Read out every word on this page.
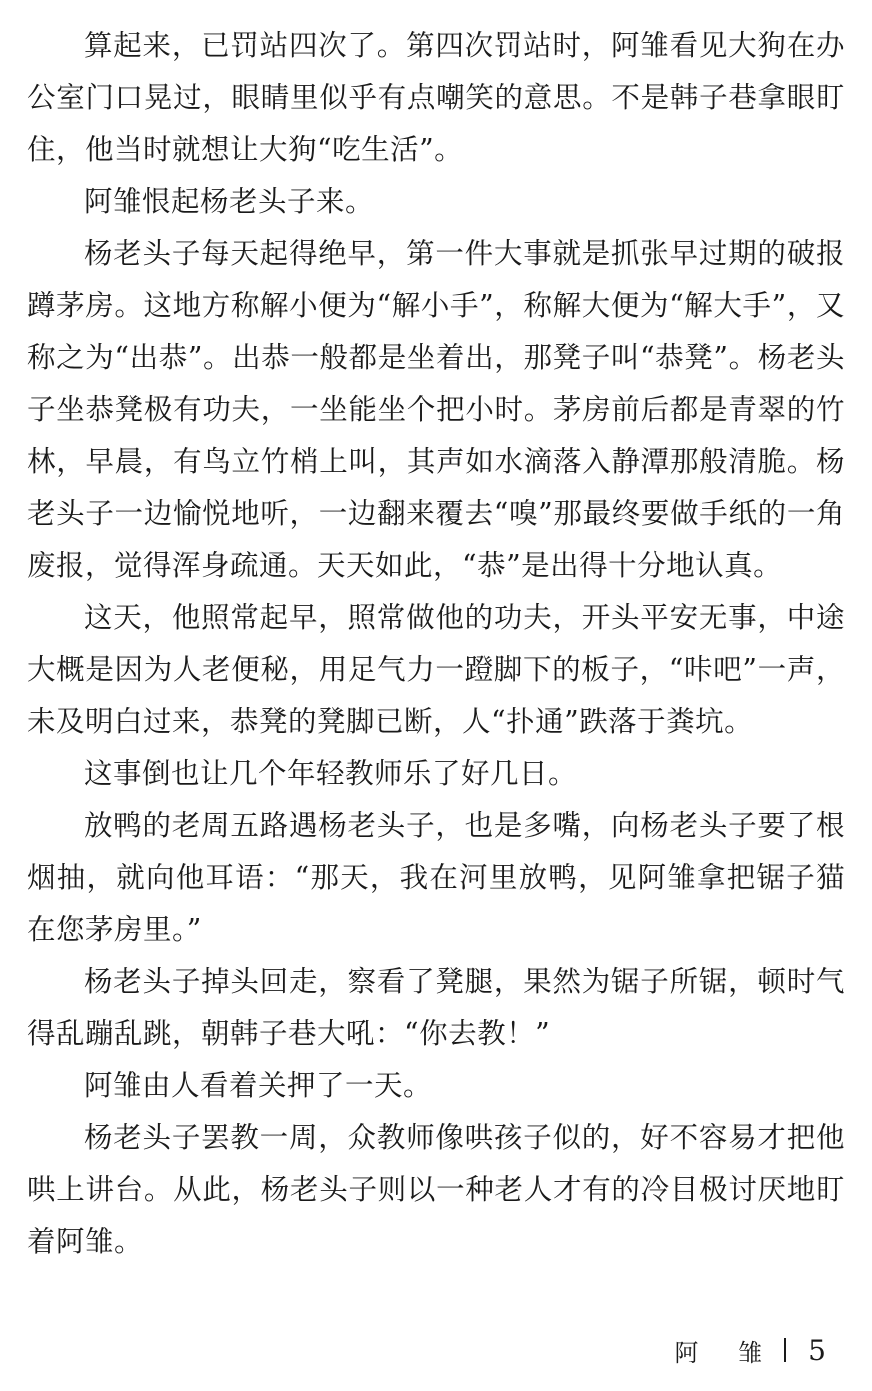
算起来，已罚站四次了。第四次罚站时，阿雏看见大狗在办公室门口晃过，眼睛里似乎有点嘲笑的意思。不是韩子巷拿眼盯住，他当时就想让大狗“吃生活”。

阿雏恨起杨老头子来。

杨老头子每天起得绝早，第一件大事就是抓张早过期的破报蹲茅房。这地方称解小便为“解小手”，称解大便为“解大手”，又称之为“出恭”。出恭一般都是坐着出，那凳子叫“恭凳”。杨老头子坐恭凳极有功夫，一坐能坐个把小时。茅房前后都是青翠的竹林，早晨，有鸟立竹梢上叫，其声如水滴落入静潭那般清脆。杨老头子一边愉悦地听，一边翻来覆去“嗅”那最终要做手纸的一角废报，觉得浑身疏通。天天如此，“恭”是出得十分地认真。

这天，他照常起早，照常做他的功夫，开头平安无事，中途大概是因为人老便秘，用足气力一蹬脚下的板子，“咔吧”一声，未及明白过来，恭凳的凳脚已断，人“扑通”跌落于粪坑。

这事倒也让几个年轻教师乐了好几日。

放鸭的老周五路遇杨老头子，也是多嘴，向杨老头子要了根烟抽，就向他耳语：“那天，我在河里放鸭，见阿雏拿把锯子猫在您茅房里。”

杨老头子掉头回走，察看了凳腿，果然为锯子所锯，顿时气得乱蹦乱跳，朝韩子巷大吼：“你去教！”

阿雏由人看着关押了一天。

杨老头子罢教一周，众教师像哄孩子似的，好不容易才把他哄上讲台。从此，杨老头子则以一种老人才有的冷目极讨厌地盯着阿雏。

阿 雏 5
